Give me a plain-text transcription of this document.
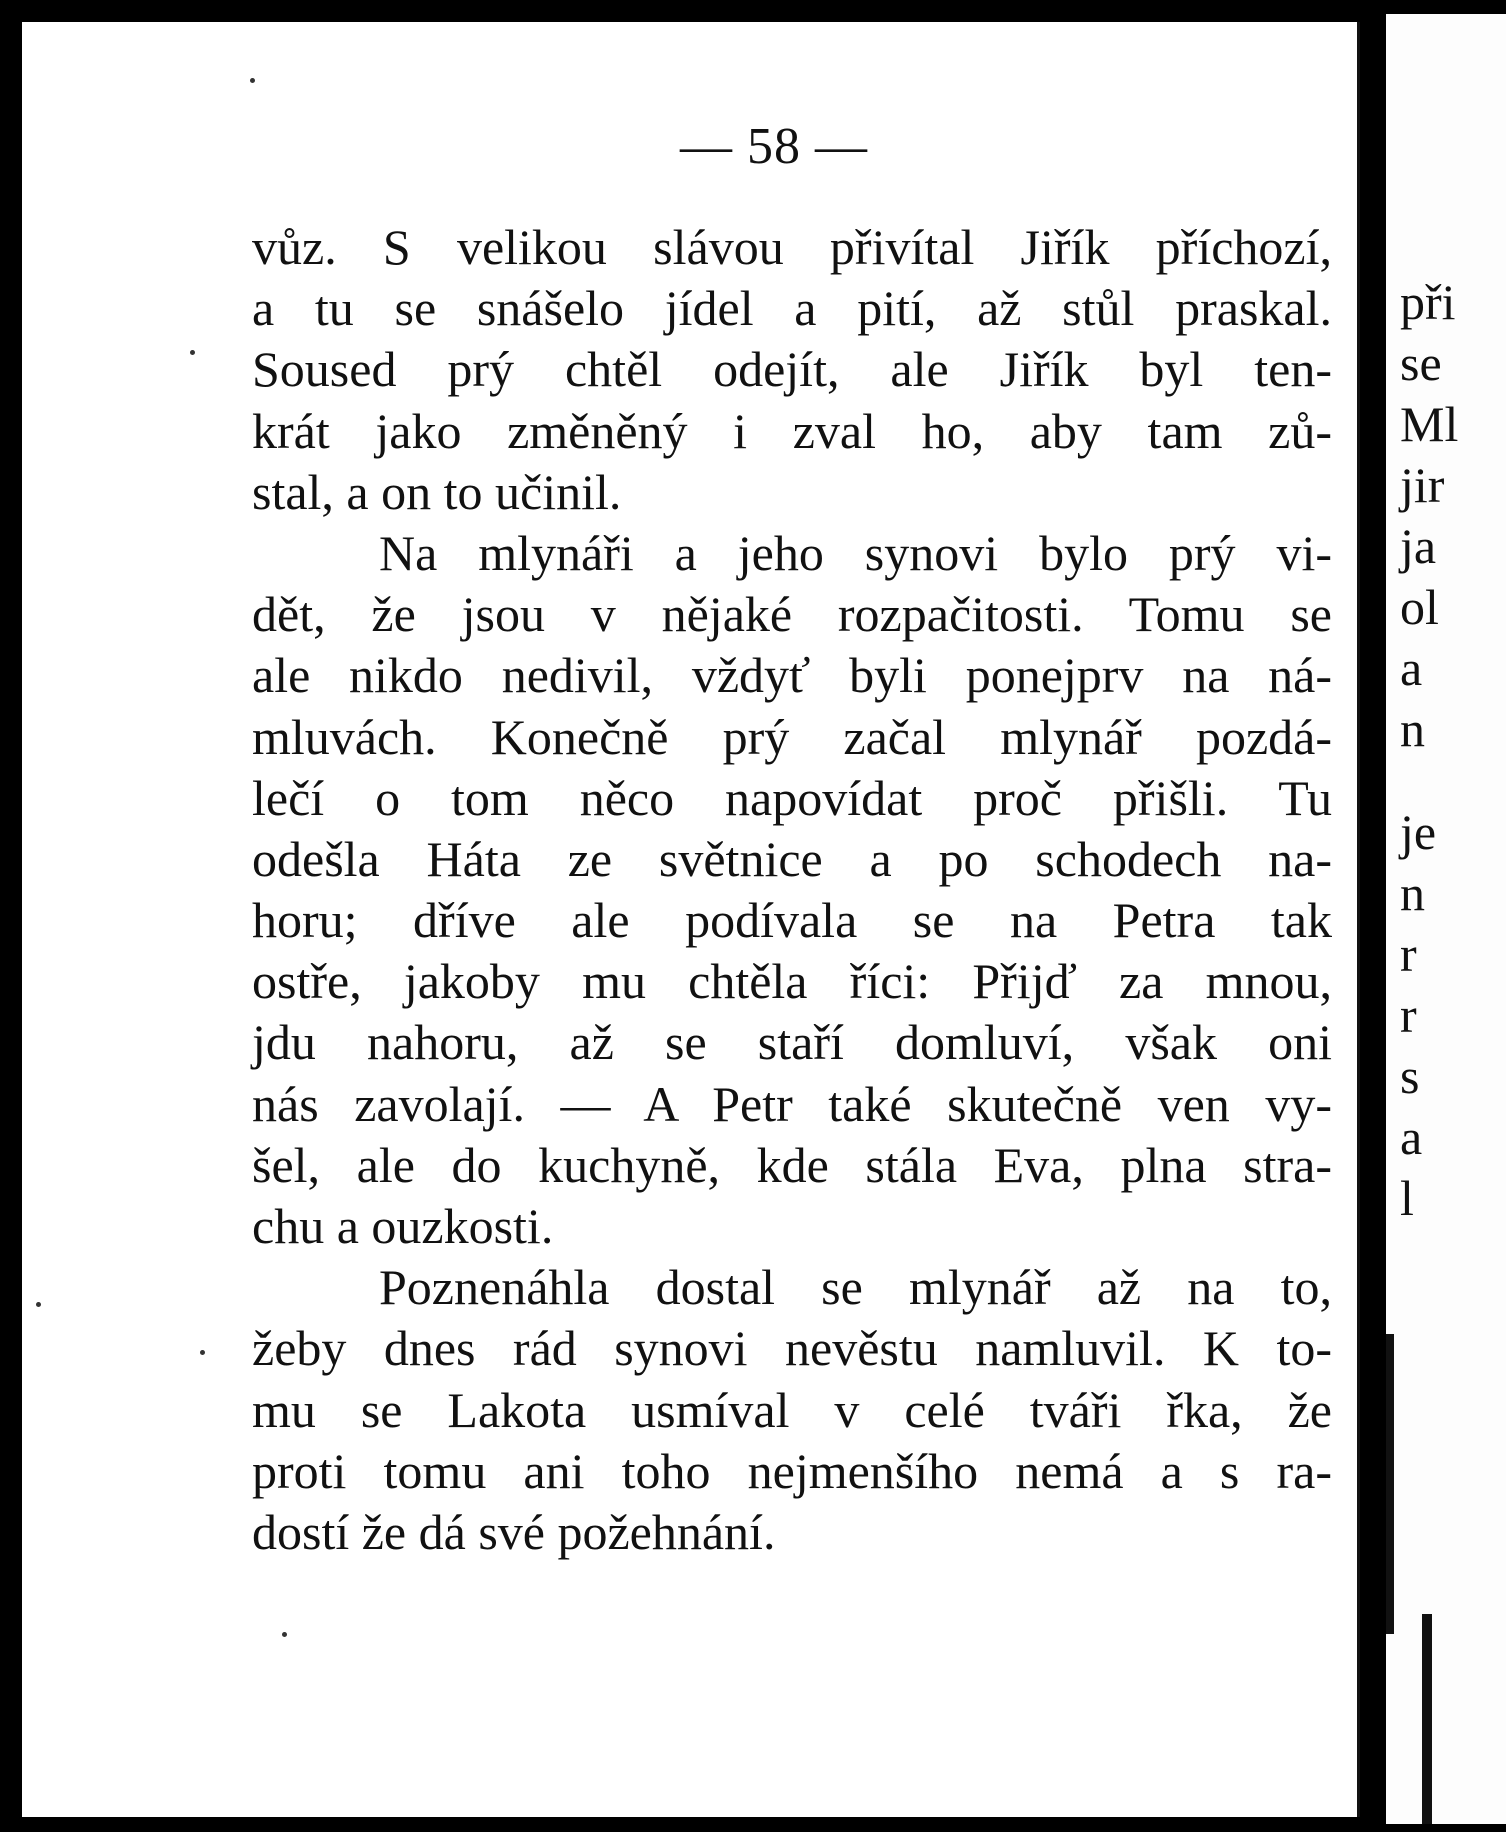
— 58 —
vůz. S velikou slávou přivítal Jiřík příchozí,
a tu se snášelo jídel a pití, až stůl praskal.
Soused prý chtěl odejít, ale Jiřík byl ten-
krát jako změněný i zval ho, aby tam zů-
stal, a on to učinil.
Na mlynáři a jeho synovi bylo prý vi-
dět, že jsou v nějaké rozpačitosti. Tomu se
ale nikdo nedivil, vždyť byli ponejprv na ná-
mluvách. Konečně prý začal mlynář pozdá-
lečí o tom něco napovídat proč přišli. Tu
odešla Háta ze světnice a po schodech na-
horu; dříve ale podívala se na Petra tak
ostře, jakoby mu chtěla říci: Přijď za mnou,
jdu nahoru, až se staří domluví, však oni
nás zavolají. — A Petr také skutečně ven vy-
šel, ale do kuchyně, kde stála Eva, plna stra-
chu a ouzkosti.
Poznenáhla dostal se mlynář až na to,
žeby dnes rád synovi nevěstu namluvil. K to-
mu se Lakota usmíval v celé tváři řka, že
proti tomu ani toho nejmenšího nemá a s ra-
dostí že dá své požehnání.
při
se
Ml
jir
ja
ol
a
n
je
n
r
r
s
a
l
